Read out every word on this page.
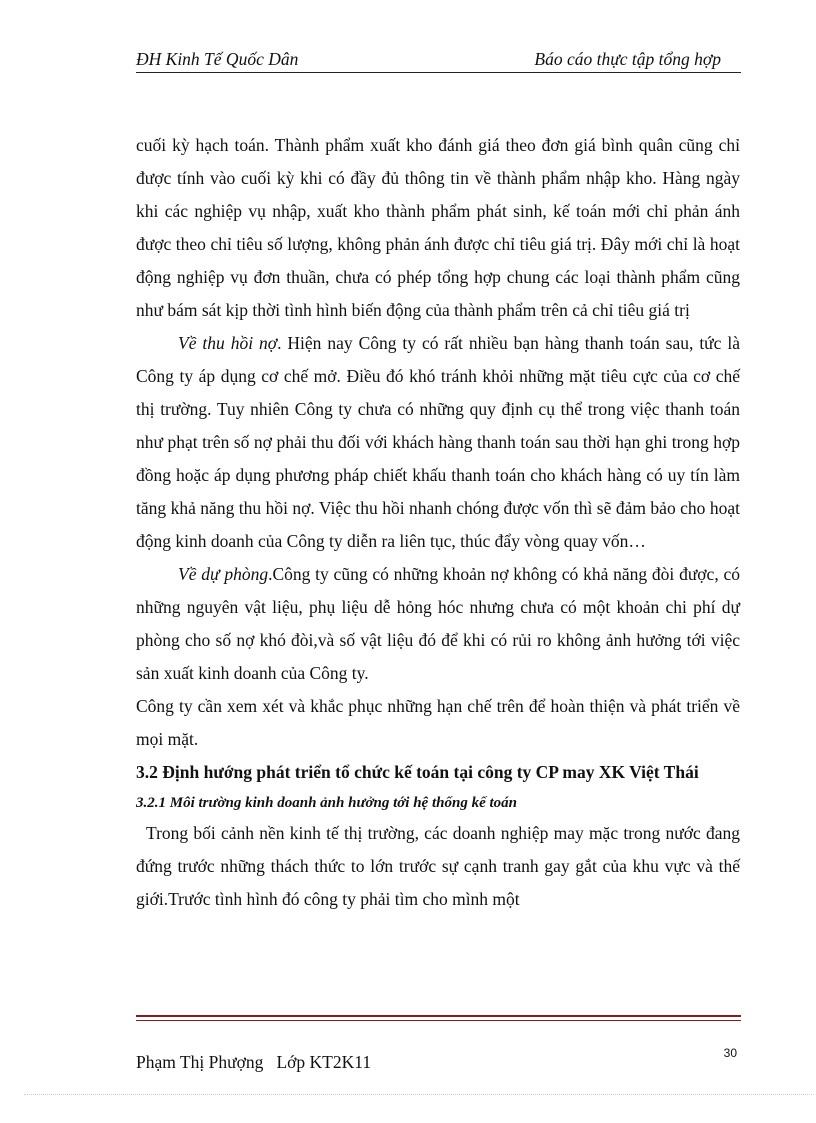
ĐH Kinh Tế Quốc Dân	Báo cáo thực tập tổng hợp

cuối kỳ hạch toán. Thành phẩm xuất kho đánh giá theo đơn giá bình quân cũng chỉ được tính vào cuối kỳ khi có đầy đủ thông tin về thành phẩm nhập kho. Hàng ngày khi các nghiệp vụ nhập, xuất kho thành phẩm phát sinh, kế toán mới chỉ phản ánh được theo chỉ tiêu số lượng, không phản ánh được chỉ tiêu giá trị. Đây mới chỉ là hoạt động nghiệp vụ đơn thuần, chưa có phép tổng hợp chung các loại thành phẩm cũng như bám sát kịp thời tình hình biến động của thành phẩm trên cả chỉ tiêu giá trị

Về thu hồi nợ. Hiện nay Công ty có rất nhiều bạn hàng thanh toán sau, tức là Công ty áp dụng cơ chế mở. Điều đó khó tránh khỏi những mặt tiêu cực của cơ chế thị trường. Tuy nhiên Công ty chưa có những quy định cụ thể trong việc thanh toán như phạt trên số nợ phải thu đối với khách hàng thanh toán sau thời hạn ghi trong hợp đồng hoặc áp dụng phương pháp chiết khấu thanh toán cho khách hàng có uy tín làm tăng khả năng thu hồi nợ. Việc thu hồi nhanh chóng được vốn thì sẽ đảm bảo cho hoạt động kinh doanh của Công ty diễn ra liên tục, thúc đẩy vòng quay vốn…

Về dự phòng.Công ty cũng có những khoản nợ không có khả năng đòi được, có những nguyên vật liệu, phụ liệu dễ hỏng hóc nhưng chưa có một khoản chi phí dự phòng cho số nợ khó đòi,và số vật liệu đó để khi có rủi ro không ảnh hưởng tới việc sản xuất kinh doanh của Công ty.

Công ty cần xem xét và khắc phục những hạn chế trên để hoàn thiện và phát triển về mọi mặt.

3.2 Định hướng phát triển tổ chức kế toán tại công ty CP may XK Việt Thái
3.2.1 Môi trường kinh doanh ảnh hưởng tới hệ thống kế toán

Trong bối cảnh nền kinh tế thị trường, các doanh nghiệp may mặc trong nước đang đứng trước những thách thức to lớn trước sự cạnh tranh gay gắt của khu vực và thế giới.Trước tình hình đó công ty phải tìm cho mình một

Phạm Thị Phượng   Lớp KT2K11	30
